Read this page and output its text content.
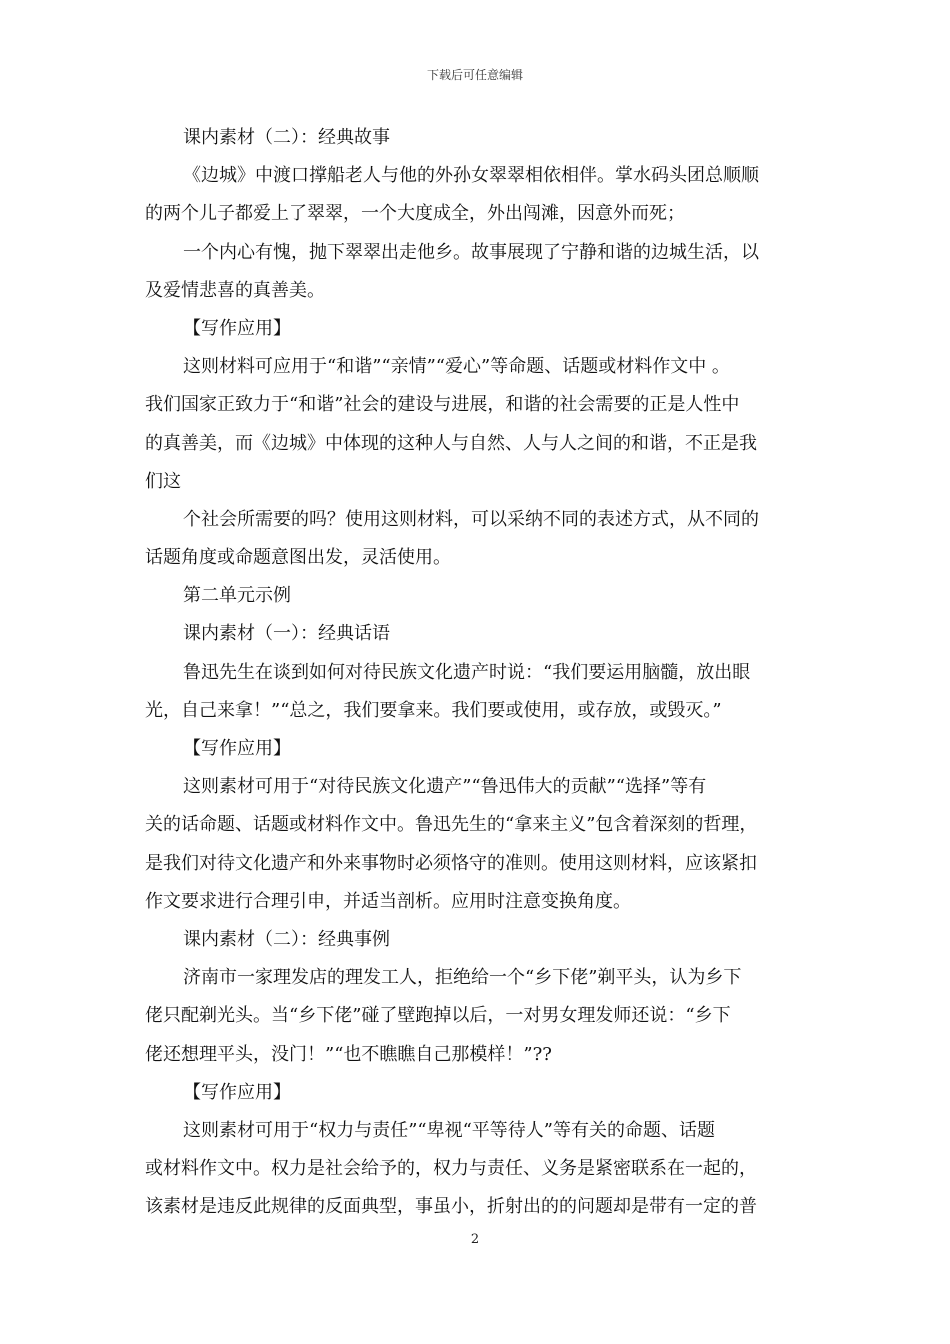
下载后可任意编辑
课内素材（二）：经典故事
《边城》中渡口撑船老人与他的外孙女翠翠相依相伴。掌水码头团总顺顺
的两个儿子都爱上了翠翠，一个大度成全，外出闯滩，因意外而死；
一个内心有愧，抛下翠翠出走他乡。故事展现了宁静和谐的边城生活，以
及爱情悲喜的真善美。
【写作应用】
这则材料可应用于“和谐”“亲情”“爱心”等命题、话题或材料作文中 。
我们国家正致力于“和谐”社会的建设与进展，和谐的社会需要的正是人性中
的真善美，而《边城》中体现的这种人与自然、人与人之间的和谐，不正是我
们这
个社会所需要的吗？使用这则材料，可以采纳不同的表述方式，从不同的
话题角度或命题意图出发，灵活使用。
第二单元示例
课内素材（一）：经典话语
鲁迅先生在谈到如何对待民族文化遗产时说：“我们要运用脑髓，放出眼
光，自己来拿！”“总之，我们要拿来。我们要或使用，或存放，或毁灭。”
【写作应用】
这则素材可用于“对待民族文化遗产”“鲁迅伟大的贡献”“选择”等有
关的话命题、话题或材料作文中。鲁迅先生的“拿来主义”包含着深刻的哲理，
是我们对待文化遗产和外来事物时必须恪守的准则。使用这则材料，应该紧扣
作文要求进行合理引申，并适当剖析。应用时注意变换角度。
课内素材（二）：经典事例
济南市一家理发店的理发工人，拒绝给一个“乡下佬”剃平头，认为乡下
佬只配剃光头。当“乡下佬”碰了壁跑掉以后，一对男女理发师还说：“乡下
佬还想理平头，没门！”“也不瞧瞧自己那模样！”??
【写作应用】
这则素材可用于“权力与责任”“卑视“平等待人”等有关的命题、话题
或材料作文中。权力是社会给予的，权力与责任、义务是紧密联系在一起的，
该素材是违反此规律的反面典型，事虽小，折射出的的问题却是带有一定的普
2
